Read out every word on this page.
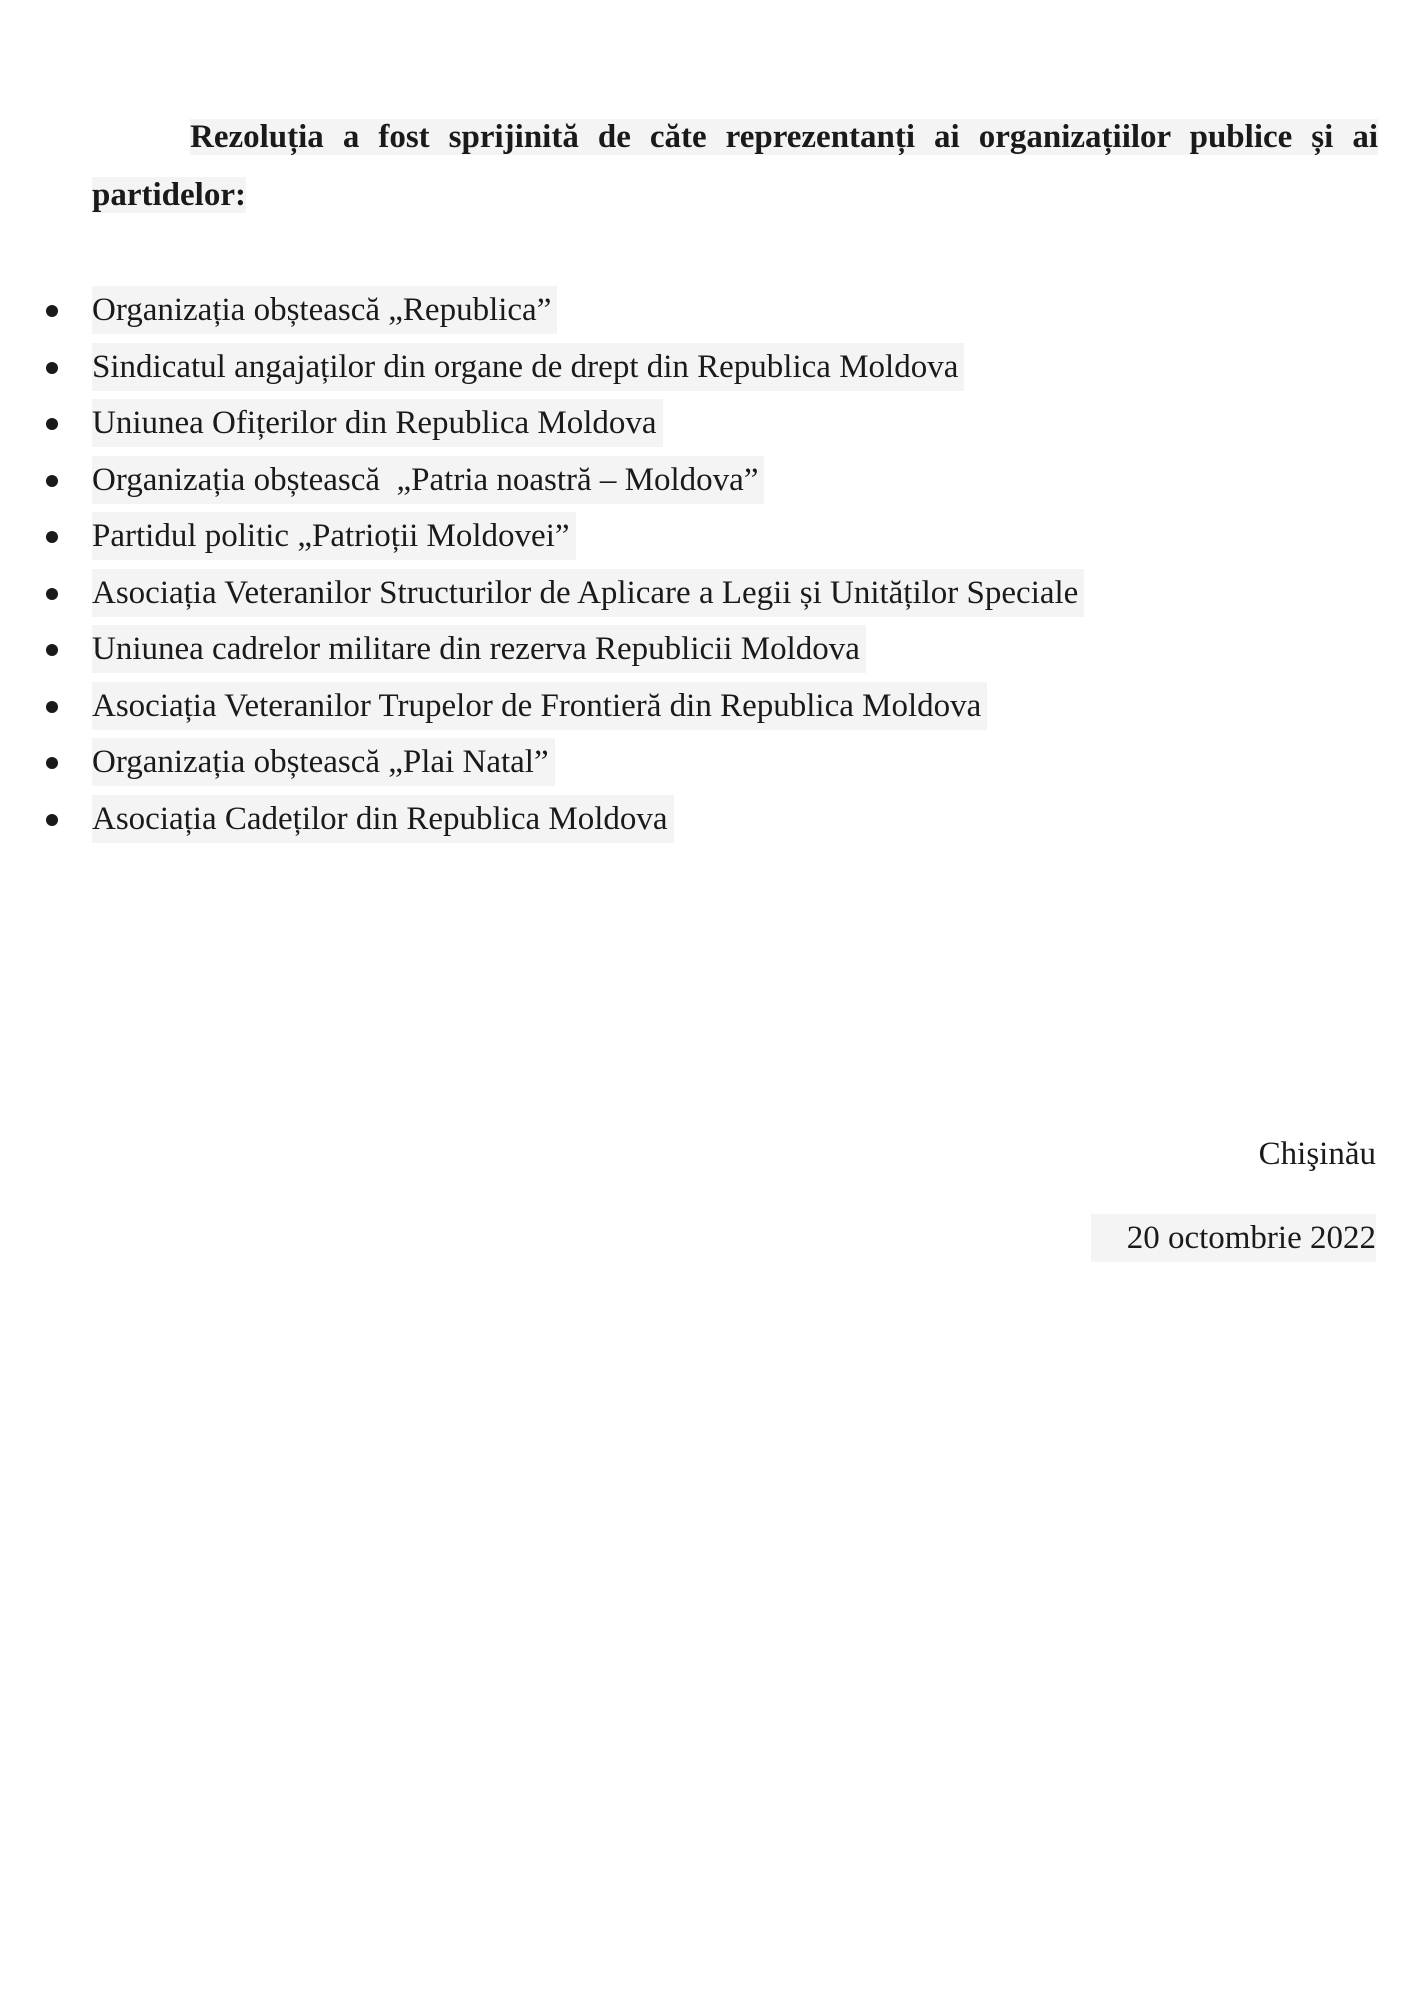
Rezoluția a fost sprijinită de căte reprezentanți ai organizațiilor publice și ai partidelor:

Organizația obștească „Republica”
Sindicatul angajaților din organe de drept din Republica Moldova
Uniunea Ofițerilor din Republica Moldova
Organizația obștească  „Patria noastră – Moldova”
Partidul politic „Patrioții Moldovei”
Asociația Veteranilor Structurilor de Aplicare a Legii și Unităților Speciale
Uniunea cadrelor militare din rezerva Republicii Moldova
Asociația Veteranilor Trupelor de Frontieră din Republica Moldova
Organizația obștească „Plai Natal”
Asociația Cadeților din Republica Moldova
Chişinău
20 octombrie 2022
